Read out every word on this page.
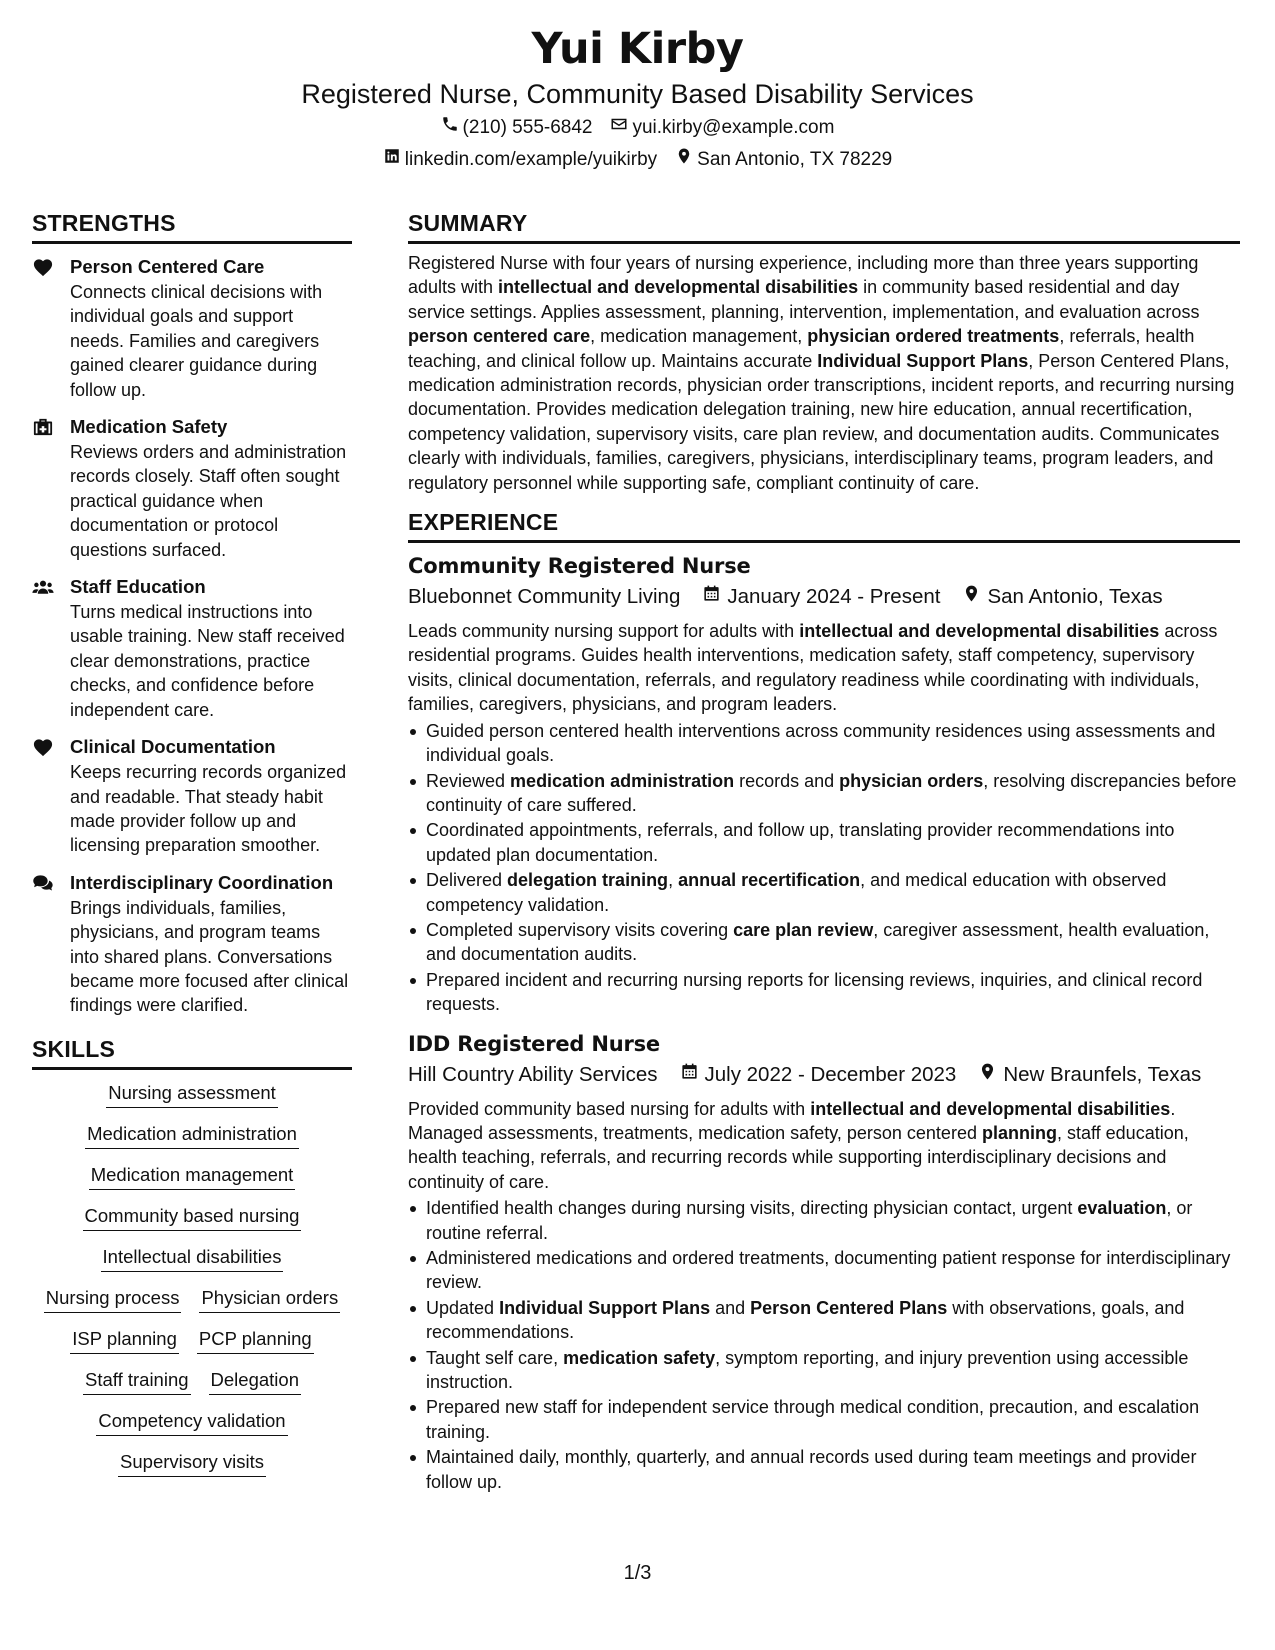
Yui Kirby
Registered Nurse, Community Based Disability Services
(210) 555-6842 yui.kirby@example.com
linkedin.com/example/yuikirby San Antonio, TX 78229
STRENGTHS
Person Centered Care
Connects clinical decisions with individual goals and support needs. Families and caregivers gained clearer guidance during follow up.
Medication Safety
Reviews orders and administration records closely. Staff often sought practical guidance when documentation or protocol questions surfaced.
Staff Education
Turns medical instructions into usable training. New staff received clear demonstrations, practice checks, and confidence before independent care.
Clinical Documentation
Keeps recurring records organized and readable. That steady habit made provider follow up and licensing preparation smoother.
Interdisciplinary Coordination
Brings individuals, families, physicians, and program teams into shared plans. Conversations became more focused after clinical findings were clarified.
SKILLS
Nursing assessment
Medication administration
Medication management
Community based nursing
Intellectual disabilities
Nursing process Physician orders
ISP planning PCP planning
Staff training Delegation
Competency validation
Supervisory visits
SUMMARY
Registered Nurse with four years of nursing experience, including more than three years supporting adults with intellectual and developmental disabilities in community based residential and day service settings. Applies assessment, planning, intervention, implementation, and evaluation across person centered care, medication management, physician ordered treatments, referrals, health teaching, and clinical follow up. Maintains accurate Individual Support Plans, Person Centered Plans, medication administration records, physician order transcriptions, incident reports, and recurring nursing documentation. Provides medication delegation training, new hire education, annual recertification, competency validation, supervisory visits, care plan review, and documentation audits. Communicates clearly with individuals, families, caregivers, physicians, interdisciplinary teams, program leaders, and regulatory personnel while supporting safe, compliant continuity of care.
EXPERIENCE
Community Registered Nurse
Bluebonnet Community Living January 2024 - Present San Antonio, Texas
Leads community nursing support for adults with intellectual and developmental disabilities across residential programs. Guides health interventions, medication safety, staff competency, supervisory visits, clinical documentation, referrals, and regulatory readiness while coordinating with individuals, families, caregivers, physicians, and program leaders.
Guided person centered health interventions across community residences using assessments and individual goals.
Reviewed medication administration records and physician orders, resolving discrepancies before continuity of care suffered.
Coordinated appointments, referrals, and follow up, translating provider recommendations into updated plan documentation.
Delivered delegation training, annual recertification, and medical education with observed competency validation.
Completed supervisory visits covering care plan review, caregiver assessment, health evaluation, and documentation audits.
Prepared incident and recurring nursing reports for licensing reviews, inquiries, and clinical record requests.
IDD Registered Nurse
Hill Country Ability Services July 2022 - December 2023 New Braunfels, Texas
Provided community based nursing for adults with intellectual and developmental disabilities. Managed assessments, treatments, medication safety, person centered planning, staff education, health teaching, referrals, and recurring records while supporting interdisciplinary decisions and continuity of care.
Identified health changes during nursing visits, directing physician contact, urgent evaluation, or routine referral.
Administered medications and ordered treatments, documenting patient response for interdisciplinary review.
Updated Individual Support Plans and Person Centered Plans with observations, goals, and recommendations.
Taught self care, medication safety, symptom reporting, and injury prevention using accessible instruction.
Prepared new staff for independent service through medical condition, precaution, and escalation training.
Maintained daily, monthly, quarterly, and annual records used during team meetings and provider follow up.
1/3
